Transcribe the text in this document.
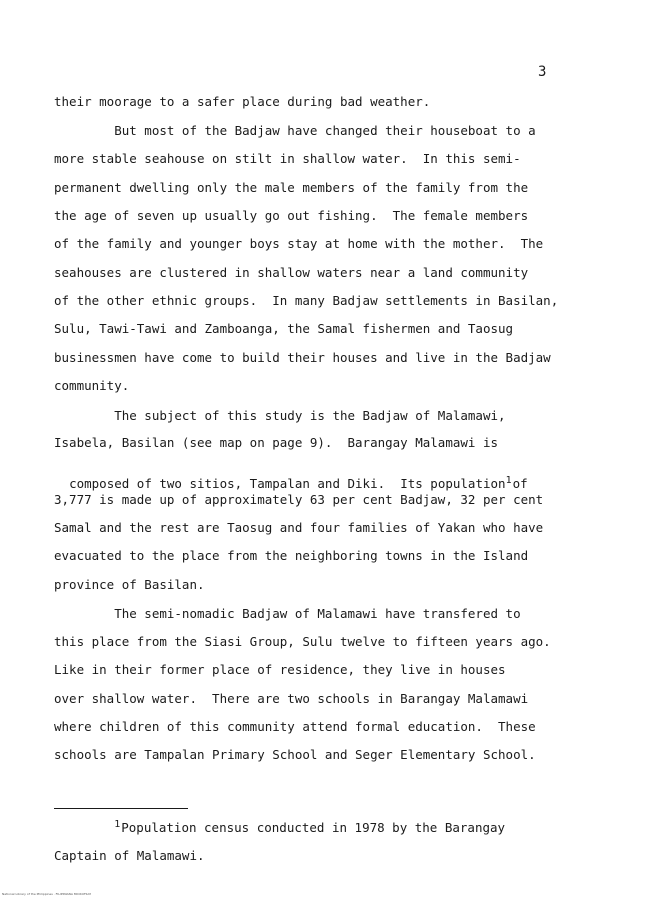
3
their moorage to a safer place during bad weather.
But most of the Badjaw have changed their houseboat to a
more stable seahouse on stilt in shallow water.  In this semi-
permanent dwelling only the male members of the family from the
the age of seven up usually go out fishing.  The female members
of the family and younger boys stay at home with the mother.  The
seahouses are clustered in shallow waters near a land community
of the other ethnic groups.  In many Badjaw settlements in Basilan,
Sulu, Tawi-Tawi and Zamboanga, the Samal fishermen and Taosug
businessmen have come to build their houses and live in the Badjaw
community.
The subject of this study is the Badjaw of Malamawi,
Isabela, Basilan (see map on page 9).  Barangay Malamawi is

composed of two sitios, Tampalan and Diki.  Its population$^1$of

3,777 is made up of approximately 63 per cent Badjaw, 32 per cent
Samal and the rest are Taosug and four families of Yakan who have
evacuated to the place from the neighboring towns in the Island
province of Basilan.
The semi-nomadic Badjaw of Malamawi have transfered to
this place from the Siasi Group, Sulu twelve to fifteen years ago.
Like in their former place of residence, they live in houses
over shallow water.  There are two schools in Barangay Malamawi
where children of this community attend formal education.  These
schools are Tampalan Primary School and Seger Elementary School.
$^1$Population census conducted in 1978 by the Barangay
Captain of Malamawi.
National Library of the Philippines · FILIPINIANA MICROFILM
